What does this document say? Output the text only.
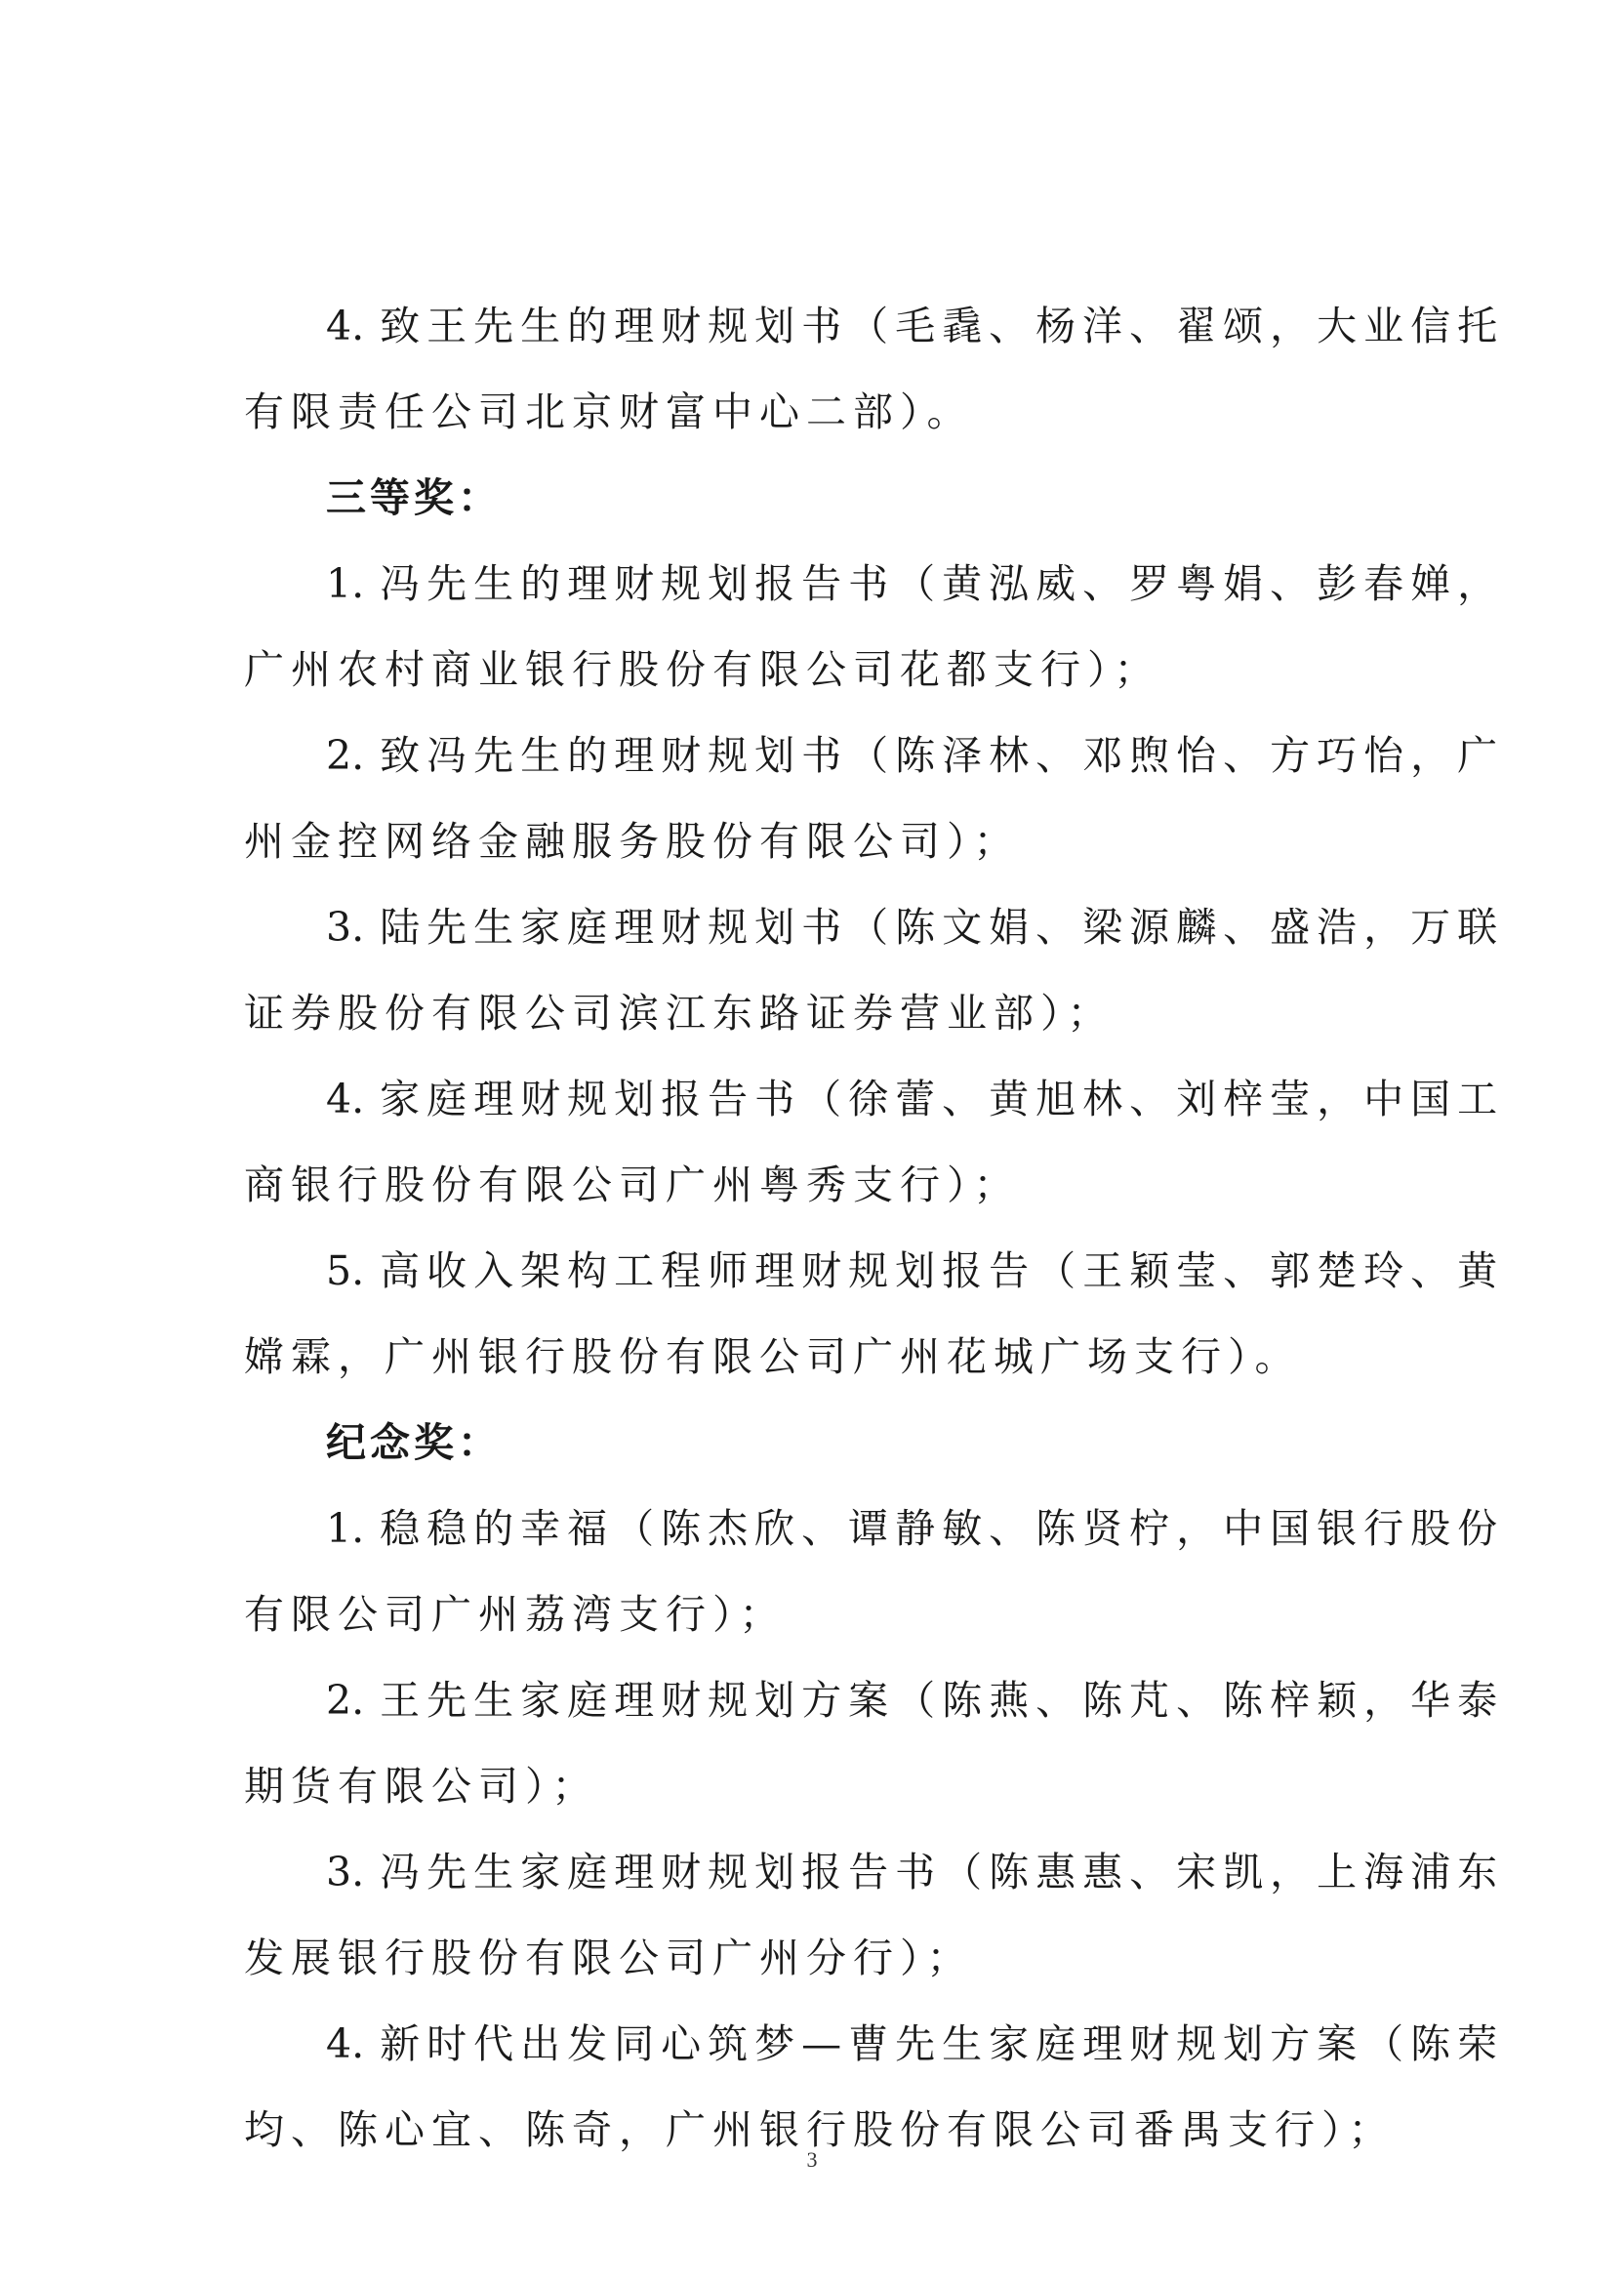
4. 致王先生的理财规划书（毛毳、杨洋、翟颂，大业信托
有限责任公司北京财富中心二部）。
三等奖：
1. 冯先生的理财规划报告书（黄泓威、罗粤娟、彭春婵，
广州农村商业银行股份有限公司花都支行）；
2. 致冯先生的理财规划书（陈泽林、邓煦怡、方巧怡，广
州金控网络金融服务股份有限公司）；
3. 陆先生家庭理财规划书（陈文娟、梁源麟、盛浩，万联
证券股份有限公司滨江东路证券营业部）；
4. 家庭理财规划报告书（徐蕾、黄旭林、刘梓莹，中国工
商银行股份有限公司广州粤秀支行）；
5. 高收入架构工程师理财规划报告（王颖莹、郭楚玲、黄
嫦霖，广州银行股份有限公司广州花城广场支行）。
纪念奖：
1. 稳稳的幸福（陈杰欣、谭静敏、陈贤柠，中国银行股份
有限公司广州荔湾支行）；
2. 王先生家庭理财规划方案（陈燕、陈芃、陈梓颖，华泰
期货有限公司）；
3. 冯先生家庭理财规划报告书（陈惠惠、宋凯，上海浦东
发展银行股份有限公司广州分行）；
4. 新时代出发同心筑梦—曹先生家庭理财规划方案（陈荣
均、陈心宜、陈奇，广州银行股份有限公司番禺支行）；
3
